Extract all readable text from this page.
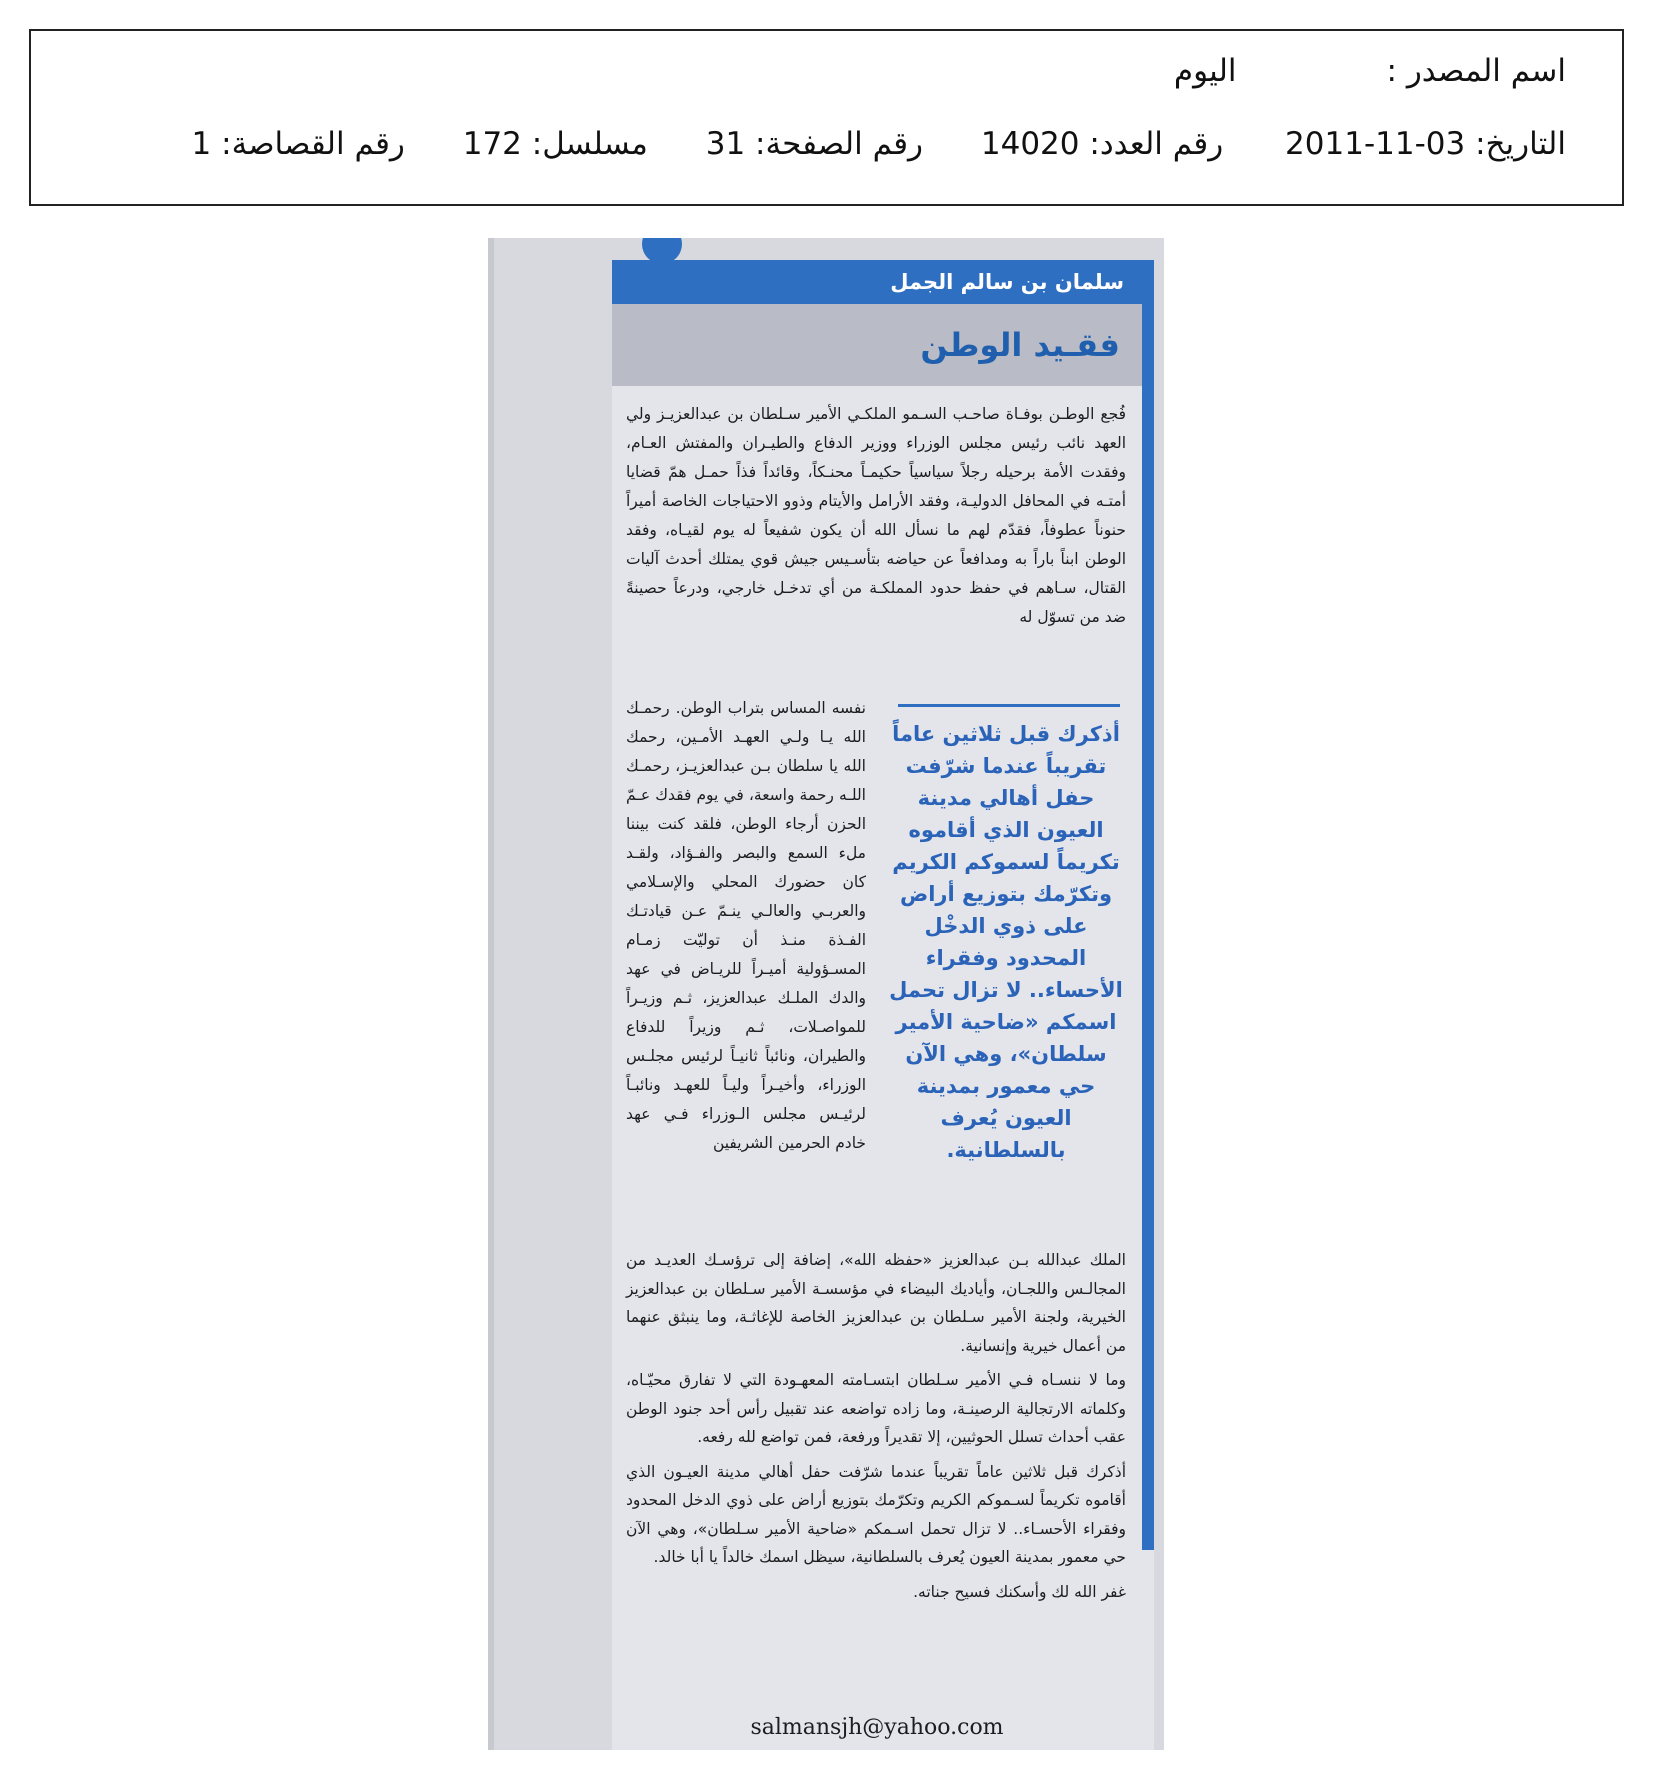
اسم المصدر :اليوم
التاريخ: 2011-11-03 رقم العدد: 14020 رقم الصفحة: 31 مسلسل: 172 رقم القصاصة: 1
سلمان بن سالم الجمل
فقـيد الوطن

فُجع الوطـن بوفـاة صاحـب السـمو الملكـي الأمير سـلطان بن عبدالعزيـز ولي العهد نائب رئيس مجلس الوزراء ووزير الدفاع والطيـران والمفتش العـام، وفقدت الأمة برحيله رجلاً سياسياً حكيمـاً محنـكاً، وقائداً فذاً حمـل همّ قضايا أمتـه في المحافل الدوليـة، وفقد الأرامل والأيتام وذوو الاحتياجات الخاصة أميراً حنوناً عطوفاً، فقدّم لهم ما نسأل الله أن يكون شفيعاً له يوم لقيـاه، وفقد الوطن ابناً باراً به ومدافعاً عن حياضه بتأسـيس جيش قوي يمتلك أحدث آليات القتال، سـاهم في حفظ حدود المملكـة من أي تدخـل خارجي، ودرعاً حصينةً ضد من تسوّل له

أذكرك قبل ثلاثين عاماً تقريباً عندما شرّفت حفل أهالي مدينة العيون الذي أقاموه تكريماً لسموكم الكريم وتكرّمك بتوزيع أراض على ذوي الدخْل المحدود وفقراء الأحساء.. لا تزال تحمل اسمكم «ضاحية الأمير سلطان»، وهي الآن حي معمور بمدينة العيون يُعرف بالسلطانية.

نفسه المساس بتراب الوطن. رحمـك الله يـا ولـي العهـد الأمـين، رحمك الله يا سلطان بـن عبدالعزيـز، رحمـك اللـه رحمة واسعة، في يوم فقدك عـمّ الحزن أرجاء الوطن، فلقد كنت بيننا ملء السمع والبصر والفـؤاد، ولقـد كان حضورك المحلي والإسـلامي والعربـي والعالـي ينـمّ عـن قيادتـك الفـذة منـذ أن توليّت زمـام المسـؤولية أميـراً للريـاض في عهد والدك الملـك عبدالعزيز، ثـم وزيـراً للمواصـلات، ثـم وزيراً للدفاع والطيران، ونائباً ثانيـاً لرئيس مجلـس الوزراء، وأخيـراً وليـاً للعهـد ونائبـاً لرئيـس مجلس الـوزراء فـي عهد خادم الحرمين الشريفين

الملك عبدالله بـن عبدالعزيز «حفظه الله»، إضافة إلى ترؤسـك العديـد من المجالـس واللجـان، وأياديك البيضاء في مؤسسـة الأمير سـلطان بن عبدالعزيز الخيرية، ولجنة الأمير سـلطان بن عبدالعزيز الخاصة للإغاثـة، وما ينبثق عنهما من أعمال خيرية وإنسانية.

وما لا ننسـاه فـي الأمير سـلطان ابتسـامته المعهـودة التي لا تفارق محيّـاه، وكلماته الارتجالية الرصينـة، وما زاده تواضعه عند تقبيل رأس أحد جنود الوطن عقب أحداث تسلل الحوثيين، إلا تقديراً ورفعة، فمن تواضع لله رفعه.

أذكرك قبل ثلاثين عاماً تقريباً عندما شرّفت حفل أهالي مدينة العيـون الذي أقاموه تكريماً لسـموكم الكريم وتكرّمك بتوزيع أراض على ذوي الدخل المحدود وفقراء الأحسـاء.. لا تزال تحمل اسـمكم «ضاحية الأمير سـلطان»، وهي الآن حي معمور بمدينة العيون يُعرف بالسلطانية، سيظل اسمك خالداً يا أبا خالد.

غفر الله لك وأسكنك فسيح جناته.

salmansjh@yahoo.com
